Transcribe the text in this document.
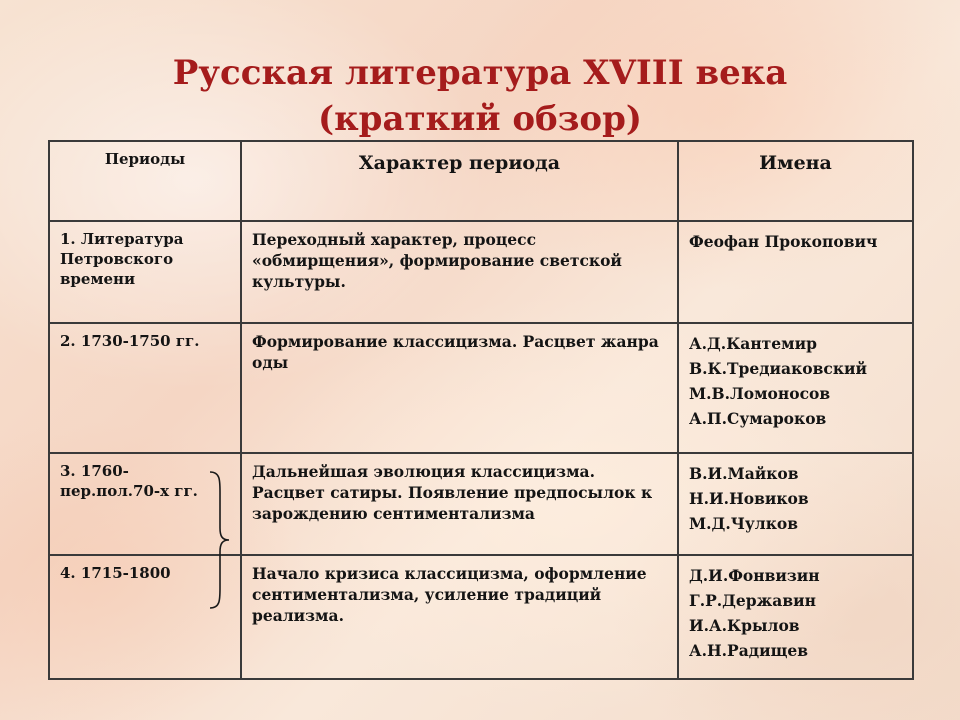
Русская литература XVIII века
(краткий обзор)
Периоды	Характер периода	Имена

1. Литература Петровского времени	Переходный характер, процесс «обмирщения», формирование светской культуры.	Феофан Прокопович

2. 1730-1750 гг.	Формирование классицизма. Расцвет жанра оды	А.Д.Кантемир
В.К.Тредиаковский
М.В.Ломоносов
А.П.Сумароков

3. 1760- пер.пол.70-х гг.	Дальнейшая эволюция классицизма. Расцвет сатиры. Появление предпосылок к зарождению сентиментализма	В.И.Майков
Н.И.Новиков
М.Д.Чулков

4. 1715-1800	Начало кризиса классицизма, оформление сентиментализма, усиление традиций реализма.	Д.И.Фонвизин
Г.Р.Державин
И.А.Крылов
А.Н.Радищев
